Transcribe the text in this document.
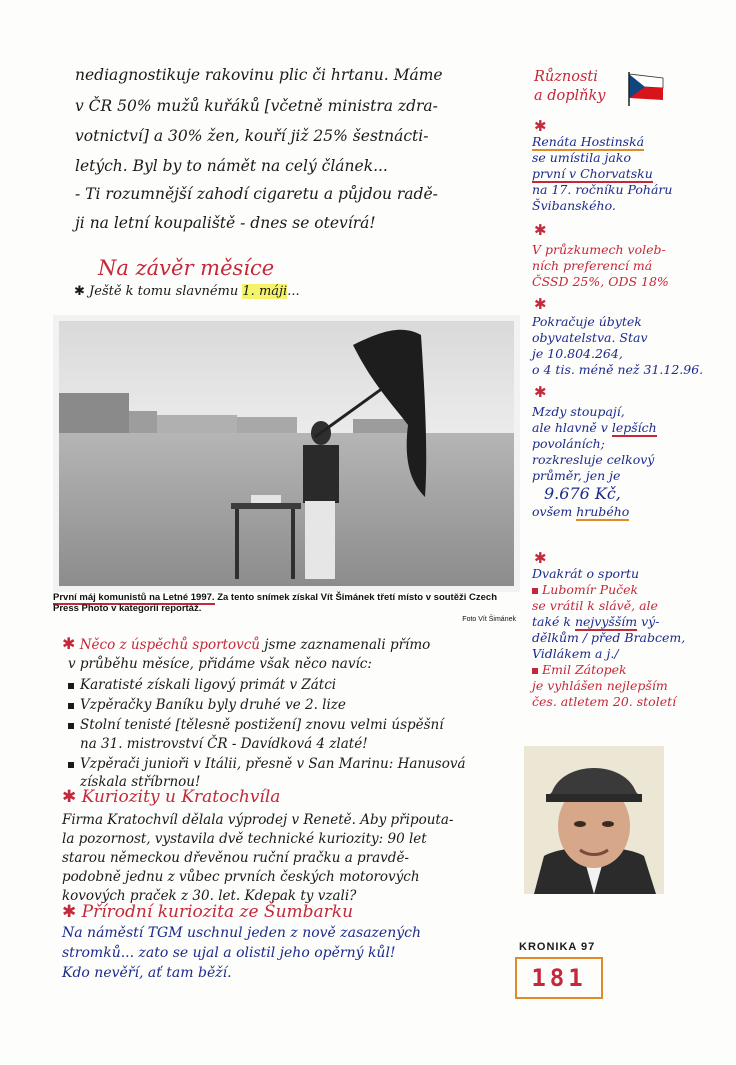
nediagnostikuje rakovinu plic či hrtanu. Máme
v ČR 50% mužů kuřáků [včetně ministra zdra-
votnictví] a 30% žen, kouří již 25% šestnácti-
letých. Byl by to námět na celý článek...
- Ti rozumnější zahodí cigaretu a půjdou radě-
ji na letní koupaliště - dnes se otevírá!
Na závěr měsíce
✱ Ještě k tomu slavnému 1. máji...
První máj komunistů na Letné 1997. Za tento snímek získal Vít Šimánek třetí místo v soutěži Czech Press Photo v kategorii reportáž.
Foto Vít Šimánek
✱ Něco z úspěchů sportovců jsme zaznamenali přímo
v průběhu měsíce, přidáme však něco navíc:
Karatisté získali ligový primát v Zátci
Vzpěračky Baníku byly druhé ve 2. lize
Stolní tenisté [tělesně postižení] znovu velmi úspěšní
na 31. mistrovství ČR - Davídková 4 zlaté!
Vzpěrači junioři v Itálii, přesně v San Marinu: Hanusová
získala stříbrnou!
✱ Kuriozity u Kratochvíla
Firma Kratochvíl dělala výprodej v Renetě. Aby připouta-
la pozornost, vystavila dvě technické kuriozity: 90 let
starou německou dřevěnou ruční pračku a pravdě-
podobně jednu z vůbec prvních českých motorových
kovových praček z 30. let. Kdepak ty vzali?
✱ Přírodní kuriozita ze Šumbarku
Na náměstí TGM uschnul jeden z nově zasazených
stromků... zato se ujal a olistil jeho opěrný kůl!
Kdo nevěří, ať tam běží.
Různosti
a doplňky
✱
Renáta Hostinská
se umístila jako
první v Chorvatsku
na 17. ročníku Poháru
Švibanského.
✱
V průzkumech voleb-
ních preferencí má
ČSSD 25%, ODS 18%
✱
Pokračuje úbytek
obyvatelstva. Stav
je 10.804.264,
o 4 tis. méně než 31.12.96.
✱
Mzdy stoupají,
ale hlavně v lepších
povoláních;
rozkresluje celkový
průměr, jen je
9.676 Kč,
ovšem hrubého
✱
Dvakrát o sportu
Lubomír Puček
se vrátil k slávě, ale
také k nejvyšším vý-
dělkům / před Brabcem,
Vidlákem a j./
Emil Zátopek
je vyhlášen nejlepším
čes. atletem 20. století
KRONIKA 97
181
